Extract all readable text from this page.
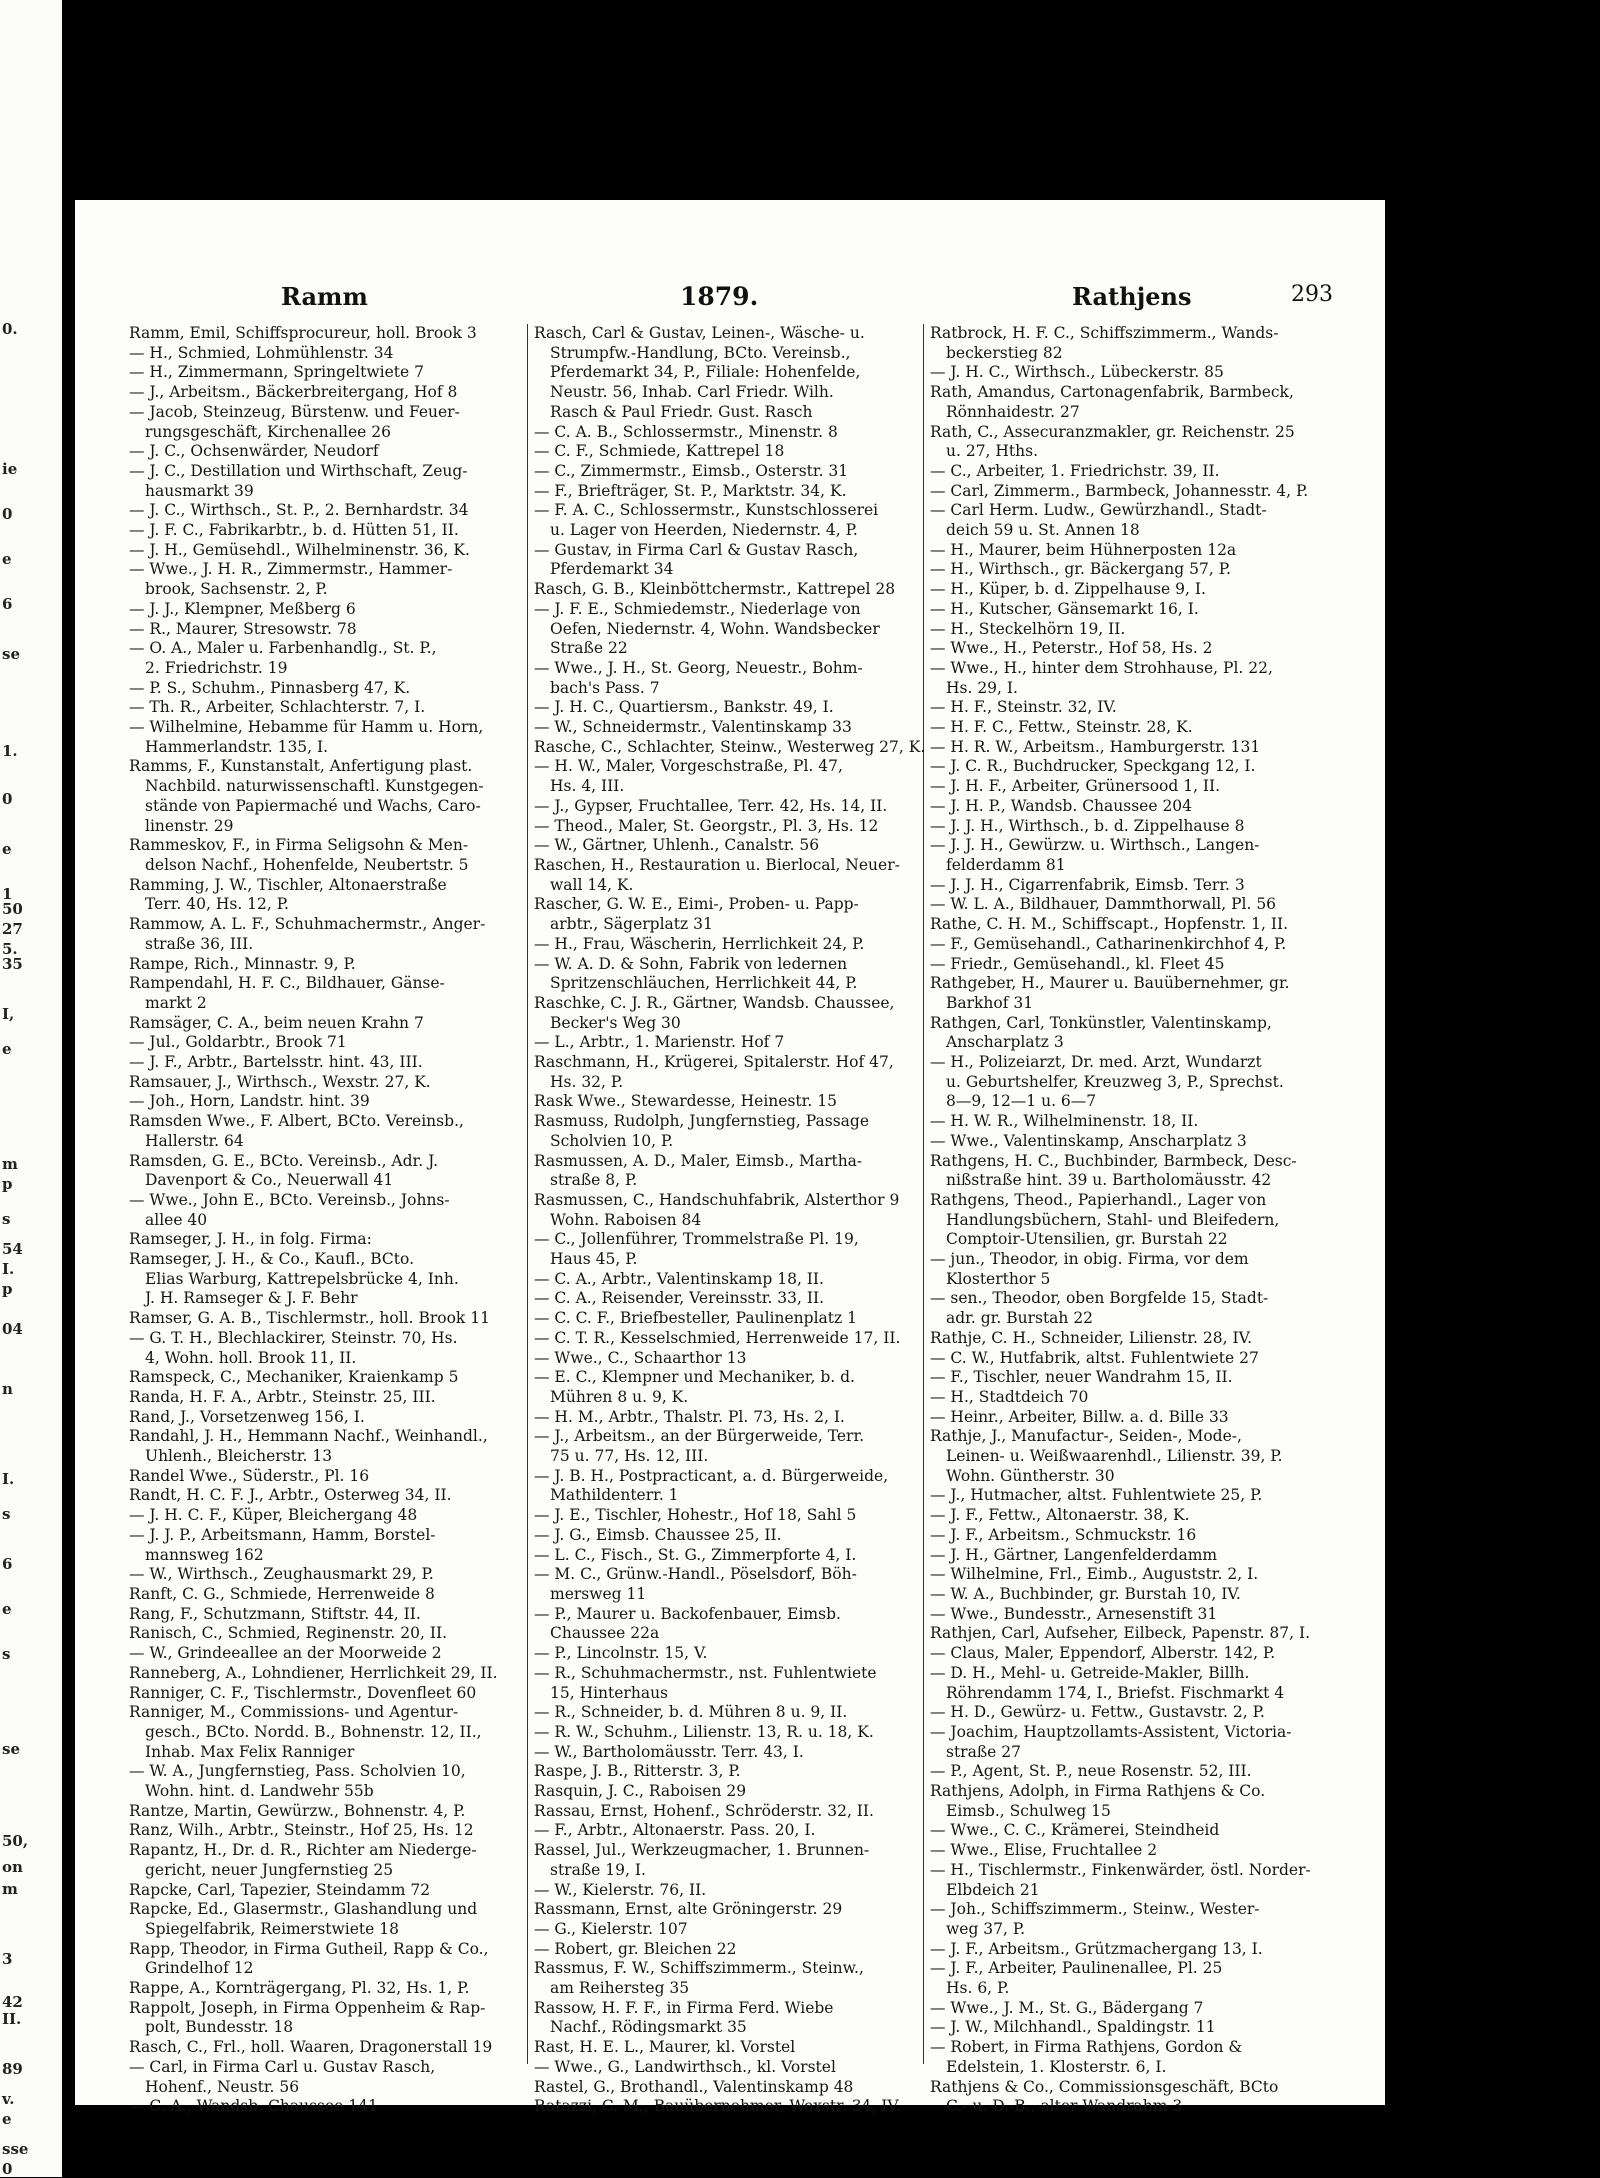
0.
ie
0
e
6
se
1.
0
e
1
50
27
5.
35
I,
e
m
p
s
54
I.
p
04
n
I.
s
6
e
s
se
50,
on
m
3
42
II.
89
v.
e
sse
0
Ramm	1879.	Rathjens	293
Ramm, Emil, Schiffsprocureur, holl. Brook 3
— H., Schmied, Lohmühlenstr. 34
— H., Zimmermann, Springeltwiete 7
— J., Arbeitsm., Bäckerbreitergang, Hof 8
— Jacob, Steinzeug, Bürstenw. und Feuer-
rungsgeschäft, Kirchenallee 26
— J. C., Ochsenwärder, Neudorf
— J. C., Destillation und Wirthschaft, Zeug-
hausmarkt 39
— J. C., Wirthsch., St. P., 2. Bernhardstr. 34
— J. F. C., Fabrikarbtr., b. d. Hütten 51, II.
— J. H., Gemüsehdl., Wilhelminenstr. 36, K.
— Wwe., J. H. R., Zimmermstr., Hammer-
brook, Sachsenstr. 2, P.
— J. J., Klempner, Meßberg 6
— R., Maurer, Stresowstr. 78
— O. A., Maler u. Farbenhandlg., St. P.,
2. Friedrichstr. 19
— P. S., Schuhm., Pinnasberg 47, K.
— Th. R., Arbeiter, Schlachterstr. 7, I.
— Wilhelmine, Hebamme für Hamm u. Horn,
Hammerlandstr. 135, I.
Ramms, F., Kunstanstalt, Anfertigung plast.
Nachbild. naturwissenschaftl. Kunstgegen-
stände von Papiermaché und Wachs, Caro-
linenstr. 29
Rammeskov, F., in Firma Seligsohn & Men-
delson Nachf., Hohenfelde, Neubertstr. 5
Ramming, J. W., Tischler, Altonaerstraße
Terr. 40, Hs. 12, P.
Rammow, A. L. F., Schuhmachermstr., Anger-
straße 36, III.
Rampe, Rich., Minnastr. 9, P.
Rampendahl, H. F. C., Bildhauer, Gänse-
markt 2
Ramsäger, C. A., beim neuen Krahn 7
— Jul., Goldarbtr., Brook 71
— J. F., Arbtr., Bartelsstr. hint. 43, III.
Ramsauer, J., Wirthsch., Wexstr. 27, K.
— Joh., Horn, Landstr. hint. 39
Ramsden Wwe., F. Albert, BCto. Vereinsb.,
Hallerstr. 64
Ramsden, G. E., BCto. Vereinsb., Adr. J.
Davenport & Co., Neuerwall 41
— Wwe., John E., BCto. Vereinsb., Johns-
allee 40
Ramseger, J. H., in folg. Firma:
Ramseger, J. H., & Co., Kaufl., BCto.
Elias Warburg, Kattrepelsbrücke 4, Inh.
J. H. Ramseger & J. F. Behr
Ramser, G. A. B., Tischlermstr., holl. Brook 11
— G. T. H., Blechlackirer, Steinstr. 70, Hs.
4, Wohn. holl. Brook 11, II.
Ramspeck, C., Mechaniker, Kraienkamp 5
Randa, H. F. A., Arbtr., Steinstr. 25, III.
Rand, J., Vorsetzenweg 156, I.
Randahl, J. H., Hemmann Nachf., Weinhandl.,
Uhlenh., Bleicherstr. 13
Randel Wwe., Süderstr., Pl. 16
Randt, H. C. F. J., Arbtr., Osterweg 34, II.
— J. H. C. F., Küper, Bleichergang 48
— J. J. P., Arbeitsmann, Hamm, Borstel-
mannsweg 162
— W., Wirthsch., Zeughausmarkt 29, P.
Ranft, C. G., Schmiede, Herrenweide 8
Rang, F., Schutzmann, Stiftstr. 44, II.
Ranisch, C., Schmied, Reginenstr. 20, II.
— W., Grindeeallee an der Moorweide 2
Ranneberg, A., Lohndiener, Herrlichkeit 29, II.
Ranniger, C. F., Tischlermstr., Dovenfleet 60
Ranniger, M., Commissions- und Agentur-
gesch., BCto. Nordd. B., Bohnenstr. 12, II.,
Inhab. Max Felix Ranniger
— W. A., Jungfernstieg, Pass. Scholvien 10,
Wohn. hint. d. Landwehr 55b
Rantze, Martin, Gewürzw., Bohnenstr. 4, P.
Ranz, Wilh., Arbtr., Steinstr., Hof 25, Hs. 12
Rapantz, H., Dr. d. R., Richter am Niederge-
gericht, neuer Jungfernstieg 25
Rapcke, Carl, Tapezier, Steindamm 72
Rapcke, Ed., Glasermstr., Glashandlung und
Spiegelfabrik, Reimerstwiete 18
Rapp, Theodor, in Firma Gutheil, Rapp & Co.,
Grindelhof 12
Rappe, A., Kornträgergang, Pl. 32, Hs. 1, P.
Rappolt, Joseph, in Firma Oppenheim & Rap-
polt, Bundesstr. 18
Rasch, C., Frl., holl. Waaren, Dragonerstall 19
— Carl, in Firma Carl u. Gustav Rasch,
Hohenf., Neustr. 56
— C. A., Wandsb. Chaussee 141
Rasch, Carl & Gustav, Leinen-, Wäsche- u.
Strumpfw.-Handlung, BCto. Vereinsb.,
Pferdemarkt 34, P., Filiale: Hohenfelde,
Neustr. 56, Inhab. Carl Friedr. Wilh.
Rasch & Paul Friedr. Gust. Rasch
— C. A. B., Schlossermstr., Minenstr. 8
— C. F., Schmiede, Kattrepel 18
— C., Zimmermstr., Eimsb., Osterstr. 31
— F., Briefträger, St. P., Marktstr. 34, K.
— F. A. C., Schlossermstr., Kunstschlosserei
u. Lager von Heerden, Niedernstr. 4, P.
— Gustav, in Firma Carl & Gustav Rasch,
Pferdemarkt 34
Rasch, G. B., Kleinböttchermstr., Kattrepel 28
— J. F. E., Schmiedemstr., Niederlage von
Oefen, Niedernstr. 4, Wohn. Wandsbecker
Straße 22
— Wwe., J. H., St. Georg, Neuestr., Bohm-
bach's Pass. 7
— J. H. C., Quartiersm., Bankstr. 49, I.
— W., Schneidermstr., Valentinskamp 33
Rasche, C., Schlachter, Steinw., Westerweg 27, K.
— H. W., Maler, Vorgeschstraße, Pl. 47,
Hs. 4, III.
— J., Gypser, Fruchtallee, Terr. 42, Hs. 14, II.
— Theod., Maler, St. Georgstr., Pl. 3, Hs. 12
— W., Gärtner, Uhlenh., Canalstr. 56
Raschen, H., Restauration u. Bierlocal, Neuer-
wall 14, K.
Rascher, G. W. E., Eimi-, Proben- u. Papp-
arbtr., Sägerplatz 31
— H., Frau, Wäscherin, Herrlichkeit 24, P.
— W. A. D. & Sohn, Fabrik von ledernen
Spritzenschläuchen, Herrlichkeit 44, P.
Raschke, C. J. R., Gärtner, Wandsb. Chaussee,
Becker's Weg 30
— L., Arbtr., 1. Marienstr. Hof 7
Raschmann, H., Krügerei, Spitalerstr. Hof 47,
Hs. 32, P.
Rask Wwe., Stewardesse, Heinestr. 15
Rasmuss, Rudolph, Jungfernstieg, Passage
Scholvien 10, P.
Rasmussen, A. D., Maler, Eimsb., Martha-
straße 8, P.
Rasmussen, C., Handschuhfabrik, Alsterthor 9
Wohn. Raboisen 84
— C., Jollenführer, Trommelstraße Pl. 19,
Haus 45, P.
— C. A., Arbtr., Valentinskamp 18, II.
— C. A., Reisender, Vereinsstr. 33, II.
— C. C. F., Briefbesteller, Paulinenplatz 1
— C. T. R., Kesselschmied, Herrenweide 17, II.
— Wwe., C., Schaarthor 13
— E. C., Klempner und Mechaniker, b. d.
Mühren 8 u. 9, K.
— H. M., Arbtr., Thalstr. Pl. 73, Hs. 2, I.
— J., Arbeitsm., an der Bürgerweide, Terr.
75 u. 77, Hs. 12, III.
— J. B. H., Postpracticant, a. d. Bürgerweide,
Mathildenterr. 1
— J. E., Tischler, Hohestr., Hof 18, Sahl 5
— J. G., Eimsb. Chaussee 25, II.
— L. C., Fisch., St. G., Zimmerpforte 4, I.
— M. C., Grünw.-Handl., Pöselsdorf, Böh-
mersweg 11
— P., Maurer u. Backofenbauer, Eimsb.
Chaussee 22a
— P., Lincolnstr. 15, V.
— R., Schuhmachermstr., nst. Fuhlentwiete
15, Hinterhaus
— R., Schneider, b. d. Mühren 8 u. 9, II.
— R. W., Schuhm., Lilienstr. 13, R. u. 18, K.
— W., Bartholomäusstr. Terr. 43, I.
Raspe, J. B., Ritterstr. 3, P.
Rasquin, J. C., Raboisen 29
Rassau, Ernst, Hohenf., Schröderstr. 32, II.
— F., Arbtr., Altonaerstr. Pass. 20, I.
Rassel, Jul., Werkzeugmacher, 1. Brunnen-
straße 19, I.
— W., Kielerstr. 76, II.
Rassmann, Ernst, alte Gröningerstr. 29
— G., Kielerstr. 107
— Robert, gr. Bleichen 22
Rassmus, F. W., Schiffszimmerm., Steinw.,
am Reihersteg 35
Rassow, H. F. F., in Firma Ferd. Wiebe
Nachf., Rödingsmarkt 35
Rast, H. E. L., Maurer, kl. Vorstel
— Wwe., G., Landwirthsch., kl. Vorstel
Rastel, G., Brothandl., Valentinskamp 48
Ratazzi, C. M., Bauübernehmer, Wexstr. 34, IV.
Ratbrock, H. F. C., Schiffszimmerm., Wands-
beckerstieg 82
— J. H. C., Wirthsch., Lübeckerstr. 85
Rath, Amandus, Cartonagenfabrik, Barmbeck,
Rönnhaidestr. 27
Rath, C., Assecuranzmakler, gr. Reichenstr. 25
u. 27, Hths.
— C., Arbeiter, 1. Friedrichstr. 39, II.
— Carl, Zimmerm., Barmbeck, Johannesstr. 4, P.
— Carl Herm. Ludw., Gewürzhandl., Stadt-
deich 59 u. St. Annen 18
— H., Maurer, beim Hühnerposten 12a
— H., Wirthsch., gr. Bäckergang 57, P.
— H., Küper, b. d. Zippelhause 9, I.
— H., Kutscher, Gänsemarkt 16, I.
— H., Steckelhörn 19, II.
— Wwe., H., Peterstr., Hof 58, Hs. 2
— Wwe., H., hinter dem Strohhause, Pl. 22,
Hs. 29, I.
— H. F., Steinstr. 32, IV.
— H. F. C., Fettw., Steinstr. 28, K.
— H. R. W., Arbeitsm., Hamburgerstr. 131
— J. C. R., Buchdrucker, Speckgang 12, I.
— J. H. F., Arbeiter, Grünersood 1, II.
— J. H. P., Wandsb. Chaussee 204
— J. J. H., Wirthsch., b. d. Zippelhause 8
— J. J. H., Gewürzw. u. Wirthsch., Langen-
felderdamm 81
— J. J. H., Cigarrenfabrik, Eimsb. Terr. 3
— W. L. A., Bildhauer, Dammthorwall, Pl. 56
Rathe, C. H. M., Schiffscapt., Hopfenstr. 1, II.
— F., Gemüsehandl., Catharinenkirchhof 4, P.
— Friedr., Gemüsehandl., kl. Fleet 45
Rathgeber, H., Maurer u. Bauübernehmer, gr.
Barkhof 31
Rathgen, Carl, Tonkünstler, Valentinskamp,
Anscharplatz 3
— H., Polizeiarzt, Dr. med. Arzt, Wundarzt
u. Geburtshelfer, Kreuzweg 3, P., Sprechst.
8—9, 12—1 u. 6—7
— H. W. R., Wilhelminenstr. 18, II.
— Wwe., Valentinskamp, Anscharplatz 3
Rathgens, H. C., Buchbinder, Barmbeck, Desc-
nißstraße hint. 39 u. Bartholomäusstr. 42
Rathgens, Theod., Papierhandl., Lager von
Handlungsbüchern, Stahl- und Bleifedern,
Comptoir-Utensilien, gr. Burstah 22
— jun., Theodor, in obig. Firma, vor dem
Klosterthor 5
— sen., Theodor, oben Borgfelde 15, Stadt-
adr. gr. Burstah 22
Rathje, C. H., Schneider, Lilienstr. 28, IV.
— C. W., Hutfabrik, altst. Fuhlentwiete 27
— F., Tischler, neuer Wandrahm 15, II.
— H., Stadtdeich 70
— Heinr., Arbeiter, Billw. a. d. Bille 33
Rathje, J., Manufactur-, Seiden-, Mode-,
Leinen- u. Weißwaarenhdl., Lilienstr. 39, P.
Wohn. Güntherstr. 30
— J., Hutmacher, altst. Fuhlentwiete 25, P.
— J. F., Fettw., Altonaerstr. 38, K.
— J. F., Arbeitsm., Schmuckstr. 16
— J. H., Gärtner, Langenfelderdamm
— Wilhelmine, Frl., Eimb., Auguststr. 2, I.
— W. A., Buchbinder, gr. Burstah 10, IV.
— Wwe., Bundesstr., Arnesenstift 31
Rathjen, Carl, Aufseher, Eilbeck, Papenstr. 87, I.
— Claus, Maler, Eppendorf, Alberstr. 142, P.
— D. H., Mehl- u. Getreide-Makler, Billh.
Röhrendamm 174, I., Briefst. Fischmarkt 4
— H. D., Gewürz- u. Fettw., Gustavstr. 2, P.
— Joachim, Hauptzollamts-Assistent, Victoria-
straße 27
— P., Agent, St. P., neue Rosenstr. 52, III.
Rathjens, Adolph, in Firma Rathjens & Co.
Eimsb., Schulweg 15
— Wwe., C. C., Krämerei, Steindheid
— Wwe., Elise, Fruchtallee 2
— H., Tischlermstr., Finkenwärder, östl. Norder-
Elbdeich 21
— Joh., Schiffszimmerm., Steinw., Wester-
weg 37, P.
— J. F., Arbeitsm., Grützmachergang 13, I.
— J. F., Arbeiter, Paulinenallee, Pl. 25
Hs. 6, P.
— Wwe., J. M., St. G., Bädergang 7
— J. W., Milchhandl., Spaldingstr. 11
— Robert, in Firma Rathjens, Gordon &
Edelstein, 1. Klosterstr. 6, I.
Rathjens & Co., Commissionsgeschäft, BCto
C.- u. D.-B., alter Wandrahm 3
